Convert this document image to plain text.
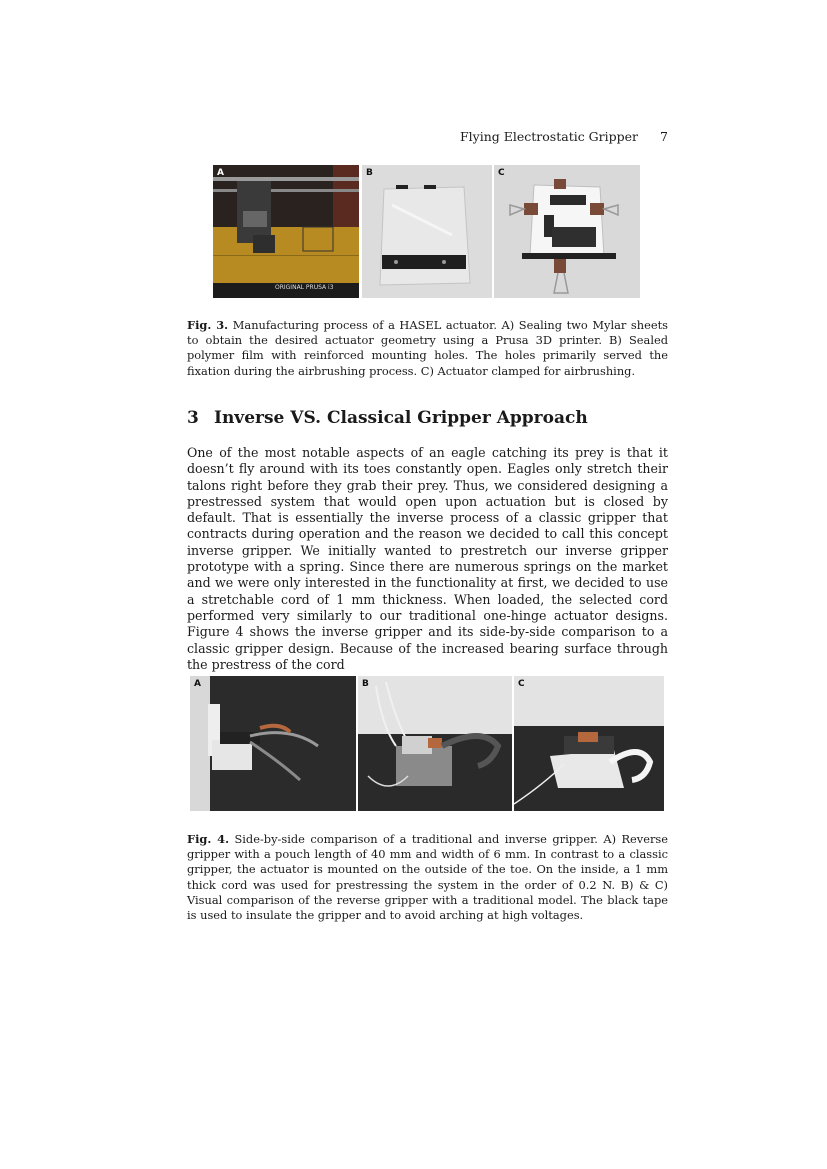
Flying Electrostatic Gripper 7
A
ORIGINAL PRUSA i3
B	C
Fig. 3. Manufacturing process of a HASEL actuator. A) Sealing two Mylar sheets to obtain the desired actuator geometry using a Prusa 3D printer. B) Sealed polymer film with reinforced mounting holes. The holes primarily served the fixation during the airbrushing process. C) Actuator clamped for airbrushing.
3 Inverse VS. Classical Gripper Approach
One of the most notable aspects of an eagle catching its prey is that it doesn’t fly around with its toes constantly open. Eagles only stretch their talons right before they grab their prey. Thus, we considered designing a prestressed system that would open upon actuation but is closed by default. That is essentially the inverse process of a classic gripper that contracts during operation and the reason we decided to call this concept inverse gripper. We initially wanted to prestretch our inverse gripper prototype with a spring. Since there are numerous springs on the market and we were only interested in the functionality at first, we decided to use a stretchable cord of 1 mm thickness. When loaded, the selected cord performed very similarly to our traditional one-hinge actuator designs. Figure 4 shows the inverse gripper and its side-by-side comparison to a classic gripper design. Because of the increased bearing surface through the prestress of the cord
A	B	C
Fig. 4. Side-by-side comparison of a traditional and inverse gripper. A) Reverse gripper with a pouch length of 40 mm and width of 6 mm. In contrast to a classic gripper, the actuator is mounted on the outside of the toe. On the inside, a 1 mm thick cord was used for prestressing the system in the order of 0.2 N. B) & C) Visual comparison of the reverse gripper with a traditional model. The black tape is used to insulate the gripper and to avoid arching at high voltages.
